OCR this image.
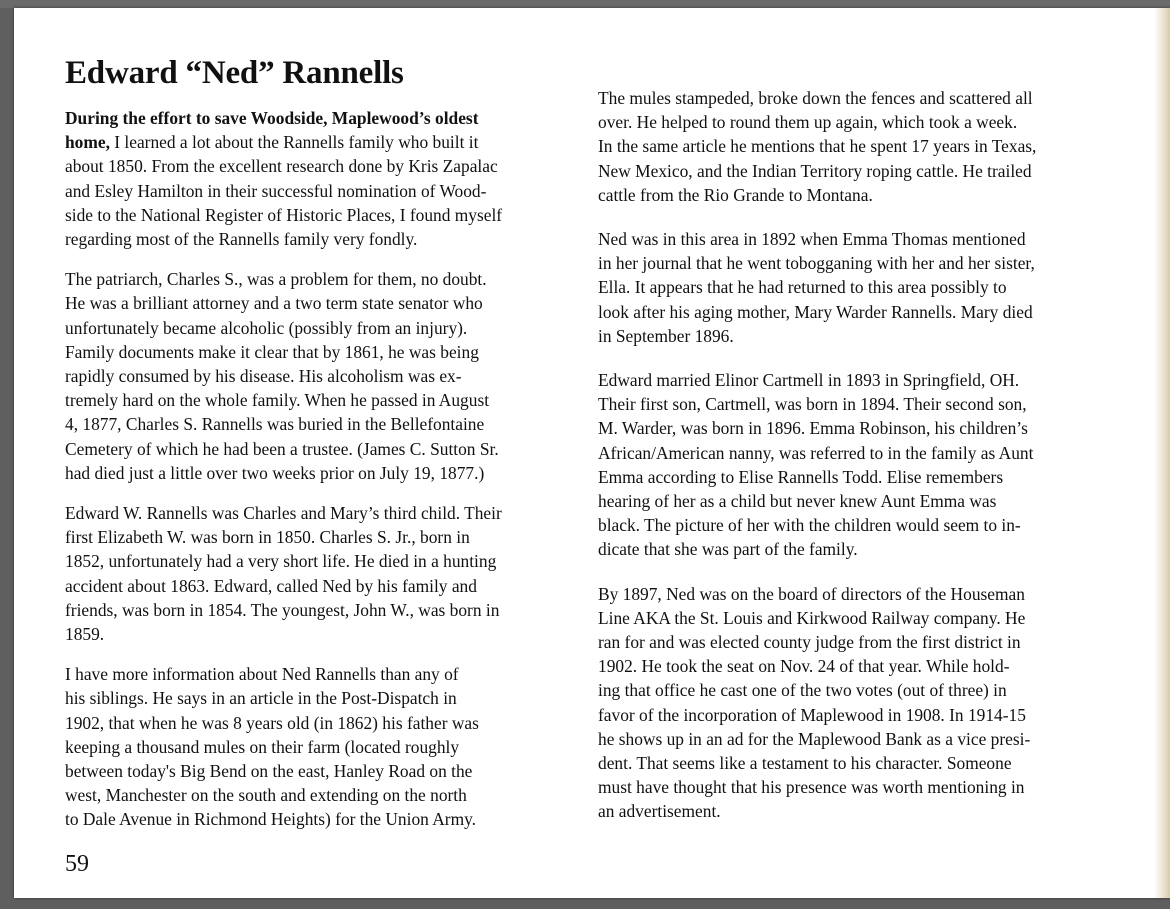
Edward “Ned” Rannells

During the effort to save Woodside, Maplewood’s oldest
home, I learned a lot about the Rannells family who built it
about 1850. From the excellent research done by Kris Zapalac
and Esley Hamilton in their successful nomination of Wood-
side to the National Register of Historic Places, I found myself
regarding most of the Rannells family very fondly.

The patriarch, Charles S., was a problem for them, no doubt.
He was a brilliant attorney and a two term state senator who
unfortunately became alcoholic (possibly from an injury).
Family documents make it clear that by 1861, he was being
rapidly consumed by his disease. His alcoholism was ex-
tremely hard on the whole family. When he passed in August
4, 1877, Charles S. Rannells was buried in the Bellefontaine
Cemetery of which he had been a trustee. (James C. Sutton Sr.
had died just a little over two weeks prior on July 19, 1877.)

Edward W. Rannells was Charles and Mary’s third child. Their
first Elizabeth W. was born in 1850. Charles S. Jr., born in
1852, unfortunately had a very short life. He died in a hunting
accident about 1863. Edward, called Ned by his family and
friends, was born in 1854. The youngest, John W., was born in
1859.

I have more information about Ned Rannells than any of
his siblings. He says in an article in the Post-Dispatch in
1902, that when he was 8 years old (in 1862) his father was
keeping a thousand mules on their farm (located roughly
between today's Big Bend on the east, Hanley Road on the
west, Manchester on the south and extending on the north
to Dale Avenue in Richmond Heights) for the Union Army.

The mules stampeded, broke down the fences and scattered all
over. He helped to round them up again, which took a week.
In the same article he mentions that he spent 17 years in Texas,
New Mexico, and the Indian Territory roping cattle. He trailed
cattle from the Rio Grande to Montana.

Ned was in this area in 1892 when Emma Thomas mentioned
in her journal that he went tobogganing with her and her sister,
Ella. It appears that he had returned to this area possibly to
look after his aging mother, Mary Warder Rannells. Mary died
in September 1896.

Edward married Elinor Cartmell in 1893 in Springfield, OH.
Their first son, Cartmell, was born in 1894. Their second son,
M. Warder, was born in 1896. Emma Robinson, his children’s
African/American nanny, was referred to in the family as Aunt
Emma according to Elise Rannells Todd. Elise remembers
hearing of her as a child but never knew Aunt Emma was
black. The picture of her with the children would seem to in-
dicate that she was part of the family.

By 1897, Ned was on the board of directors of the Houseman
Line AKA the St. Louis and Kirkwood Railway company. He
ran for and was elected county judge from the first district in
1902. He took the seat on Nov. 24 of that year. While hold-
ing that office he cast one of the two votes (out of three) in
favor of the incorporation of Maplewood in 1908. In 1914-15
he shows up in an ad for the Maplewood Bank as a vice presi-
dent. That seems like a testament to his character. Someone
must have thought that his presence was worth mentioning in
an advertisement.

59
